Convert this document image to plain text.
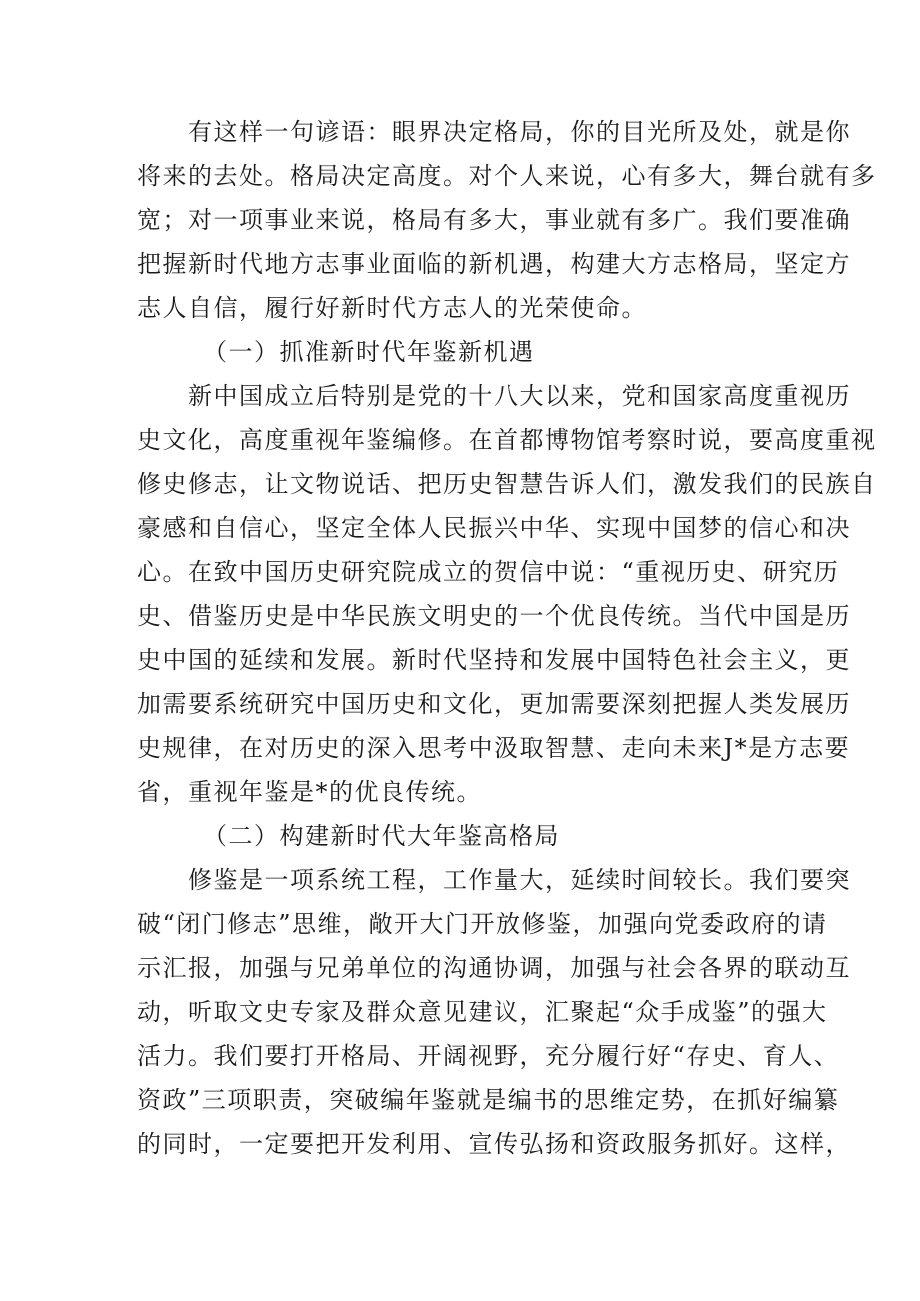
有这样一句谚语：眼界决定格局，你的目光所及处，就是你
将来的去处。格局决定高度。对个人来说，心有多大，舞台就有多
宽；对一项事业来说，格局有多大，事业就有多广。我们要准确
把握新时代地方志事业面临的新机遇，构建大方志格局，坚定方
志人自信，履行好新时代方志人的光荣使命。
（一）抓准新时代年鉴新机遇
新中国成立后特别是党的十八大以来，党和国家高度重视历
史文化，高度重视年鉴编修。在首都博物馆考察时说，要高度重视
修史修志，让文物说话、把历史智慧告诉人们，激发我们的民族自
豪感和自信心，坚定全体人民振兴中华、实现中国梦的信心和决
心。在致中国历史研究院成立的贺信中说：“重视历史、研究历
史、借鉴历史是中华民族文明史的一个优良传统。当代中国是历
史中国的延续和发展。新时代坚持和发展中国特色社会主义，更
加需要系统研究中国历史和文化，更加需要深刻把握人类发展历
史规律，在对历史的深入思考中汲取智慧、走向未来J*是方志要
省，重视年鉴是*的优良传统。
（二）构建新时代大年鉴高格局
修鉴是一项系统工程，工作量大，延续时间较长。我们要突
破“闭门修志”思维，敞开大门开放修鉴，加强向党委政府的请
示汇报，加强与兄弟单位的沟通协调，加强与社会各界的联动互
动，听取文史专家及群众意见建议，汇聚起“众手成鉴”的强大
活力。我们要打开格局、开阔视野，充分履行好“存史、育人、
资政”三项职责，突破编年鉴就是编书的思维定势，在抓好编纂
的同时，一定要把开发利用、宣传弘扬和资政服务抓好。这样，
